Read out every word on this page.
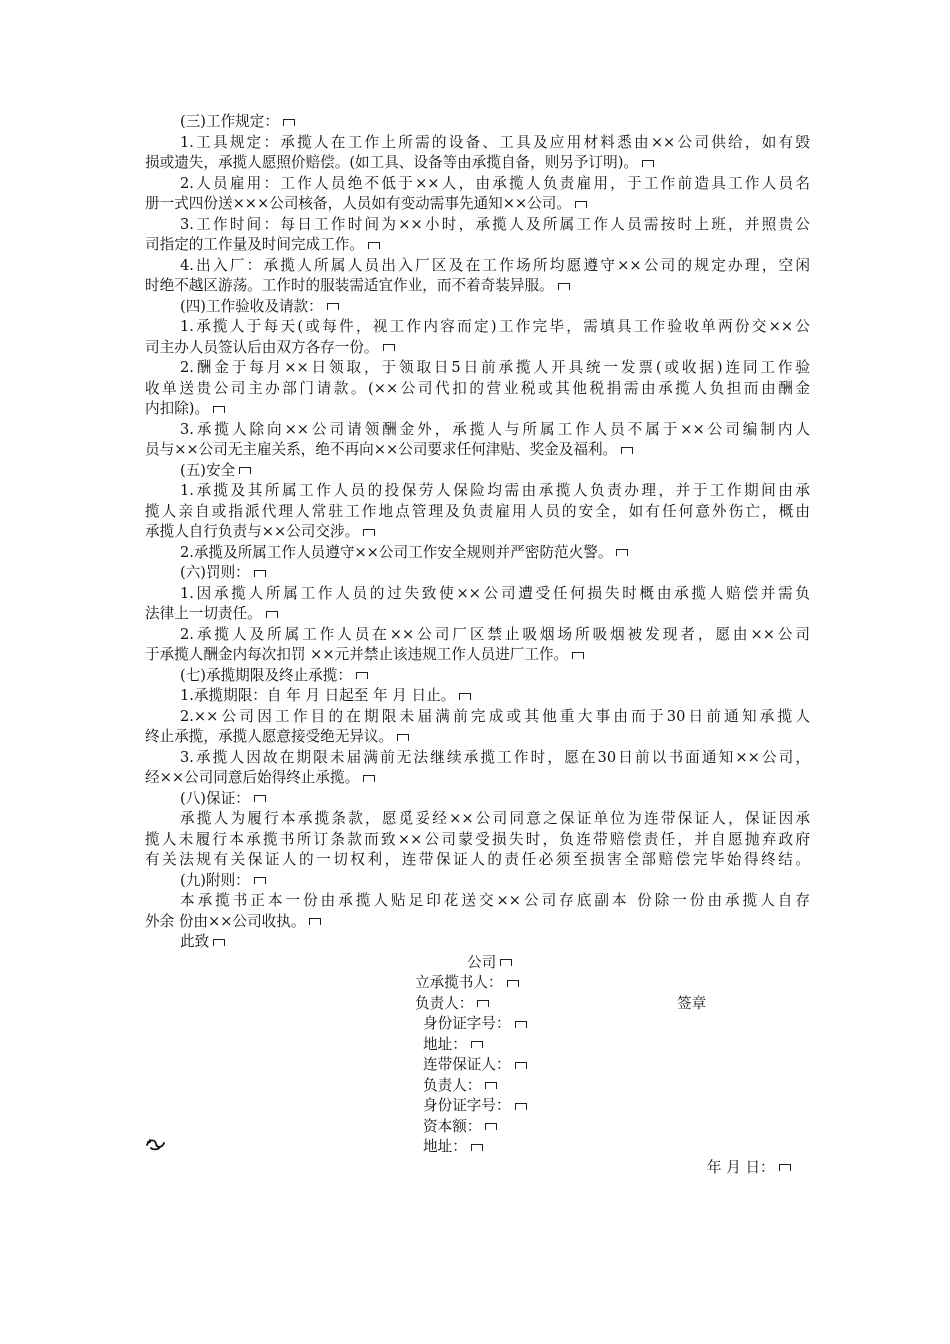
(三)工作规定：
1.工具规定：承揽人在工作上所需的设备、工具及应用材料悉由××公司供给，如有毁
损或遗失，承揽人愿照价赔偿。(如工具、设备等由承揽自备，则另予订明)。
2.人员雇用：工作人员绝不低于××人，由承揽人负责雇用，于工作前造具工作人员名
册一式四份送×××公司核备，人员如有变动需事先通知××公司。
3.工作时间：每日工作时间为××小时，承揽人及所属工作人员需按时上班，并照贵公
司指定的工作量及时间完成工作。
4.出入厂：承揽人所属人员出入厂区及在工作场所均愿遵守××公司的规定办理，空闲
时绝不越区游荡。工作时的服装需适宜作业，而不着奇装异服。
(四)工作验收及请款：
1.承揽人于每天(或每件，视工作内容而定)工作完毕，需填具工作验收单两份交××公
司主办人员签认后由双方各存一份。
2.酬金于每月××日领取，于领取日5日前承揽人开具统一发票(或收据)连同工作验
收单送贵公司主办部门请款。(××公司代扣的营业税或其他税捐需由承揽人负担而由酬金
内扣除)。
3.承揽人除向××公司请领酬金外，承揽人与所属工作人员不属于××公司编制内人
员与××公司无主雇关系，绝不再向××公司要求任何津贴、奖金及福利。
(五)安全
1.承揽及其所属工作人员的投保劳人保险均需由承揽人负责办理，并于工作期间由承
揽人亲自或指派代理人常驻工作地点管理及负责雇用人员的安全，如有任何意外伤亡，概由
承揽人自行负责与××公司交涉。
2.承揽及所属工作人员遵守××公司工作安全规则并严密防范火警。
(六)罚则：
1.因承揽人所属工作人员的过失致使××公司遭受任何损失时概由承揽人赔偿并需负
法律上一切责任。
2.承揽人及所属工作人员在××公司厂区禁止吸烟场所吸烟被发现者，愿由××公司
于承揽人酬金内每次扣罚 ××元并禁止该违规工作人员进厂工作。
(七)承揽期限及终止承揽：
1.承揽期限：自 年 月 日起至 年 月 日止。
2.××公司因工作目的在期限未届满前完成或其他重大事由而于30日前通知承揽人
终止承揽，承揽人愿意接受绝无异议。
3.承揽人因故在期限未届满前无法继续承揽工作时，愿在30日前以书面通知××公司，
经××公司同意后始得终止承揽。
(八)保证：
承揽人为履行本承揽条款，愿觅妥经××公司同意之保证单位为连带保证人，保证因承
揽人未履行本承揽书所订条款而致××公司蒙受损失时，负连带赔偿责任，并自愿抛弃政府
有关法规有关保证人的一切权利，连带保证人的责任必须至损害全部赔偿完毕始得终结。
(九)附则：
本承揽书正本一份由承揽人贴足印花送交××公司存底副本 份除一份由承揽人自存
外余 份由××公司收执。
此致
公司
立承揽书人：
负责人：
身份证字号：
地址：
连带保证人：
负责人：
身份证字号：
资本额：
地址：
年 月 日：
签章
